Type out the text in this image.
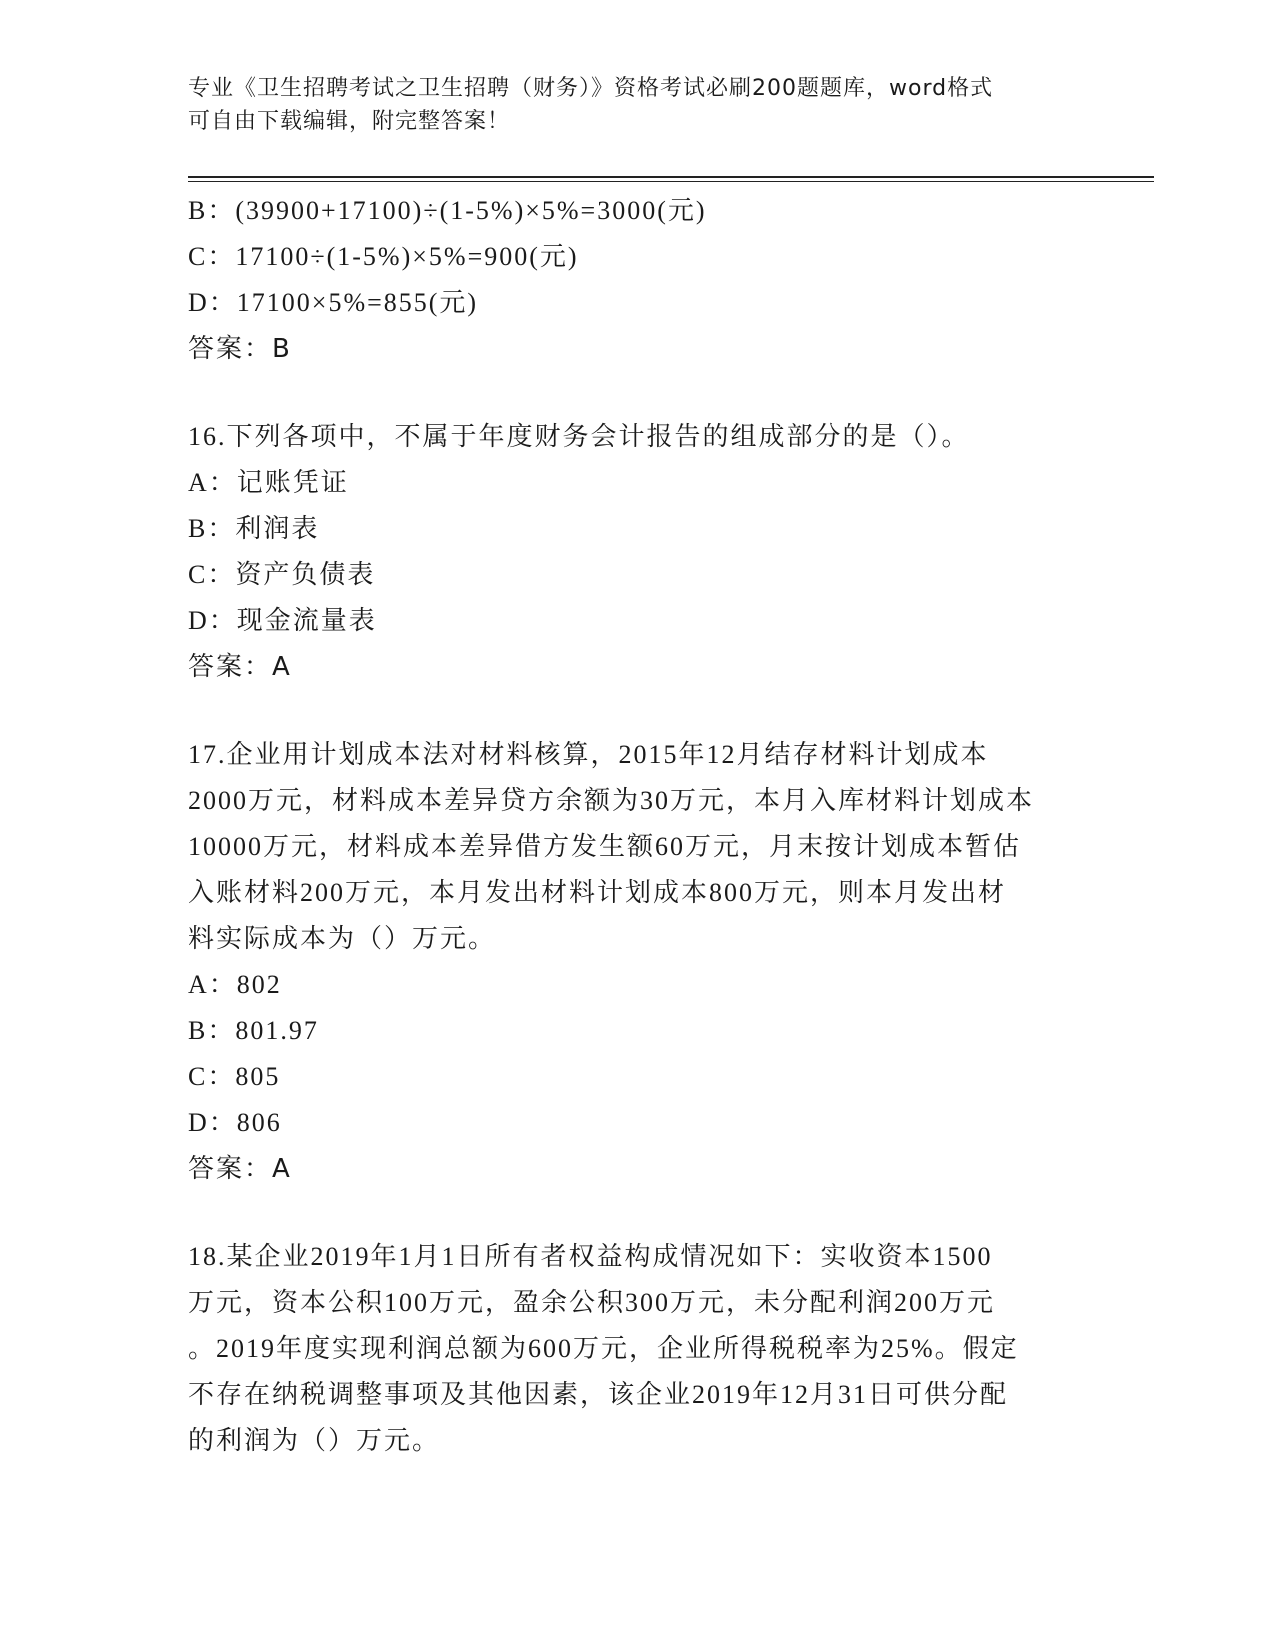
专业《卫生招聘考试之卫生招聘（财务）》资格考试必刷200题题库，word格式
可自由下载编辑，附完整答案！
B：(39900+17100)÷(1-5%)×5%=3000(元)
C：17100÷(1-5%)×5%=900(元)
D：17100×5%=855(元)
答案：B
16.下列各项中，不属于年度财务会计报告的组成部分的是（）。
A：记账凭证
B：利润表
C：资产负债表
D：现金流量表
答案：A
17.企业用计划成本法对材料核算，2015年12月结存材料计划成本
2000万元，材料成本差异贷方余额为30万元，本月入库材料计划成本
10000万元，材料成本差异借方发生额60万元，月末按计划成本暂估
入账材料200万元，本月发出材料计划成本800万元，则本月发出材
料实际成本为（）万元。
A：802
B：801.97
C：805
D：806
答案：A
18.某企业2019年1月1日所有者权益构成情况如下：实收资本1500
万元，资本公积100万元，盈余公积300万元，未分配利润200万元
。2019年度实现利润总额为600万元，企业所得税税率为25%。假定
不存在纳税调整事项及其他因素，该企业2019年12月31日可供分配
的利润为（）万元。
